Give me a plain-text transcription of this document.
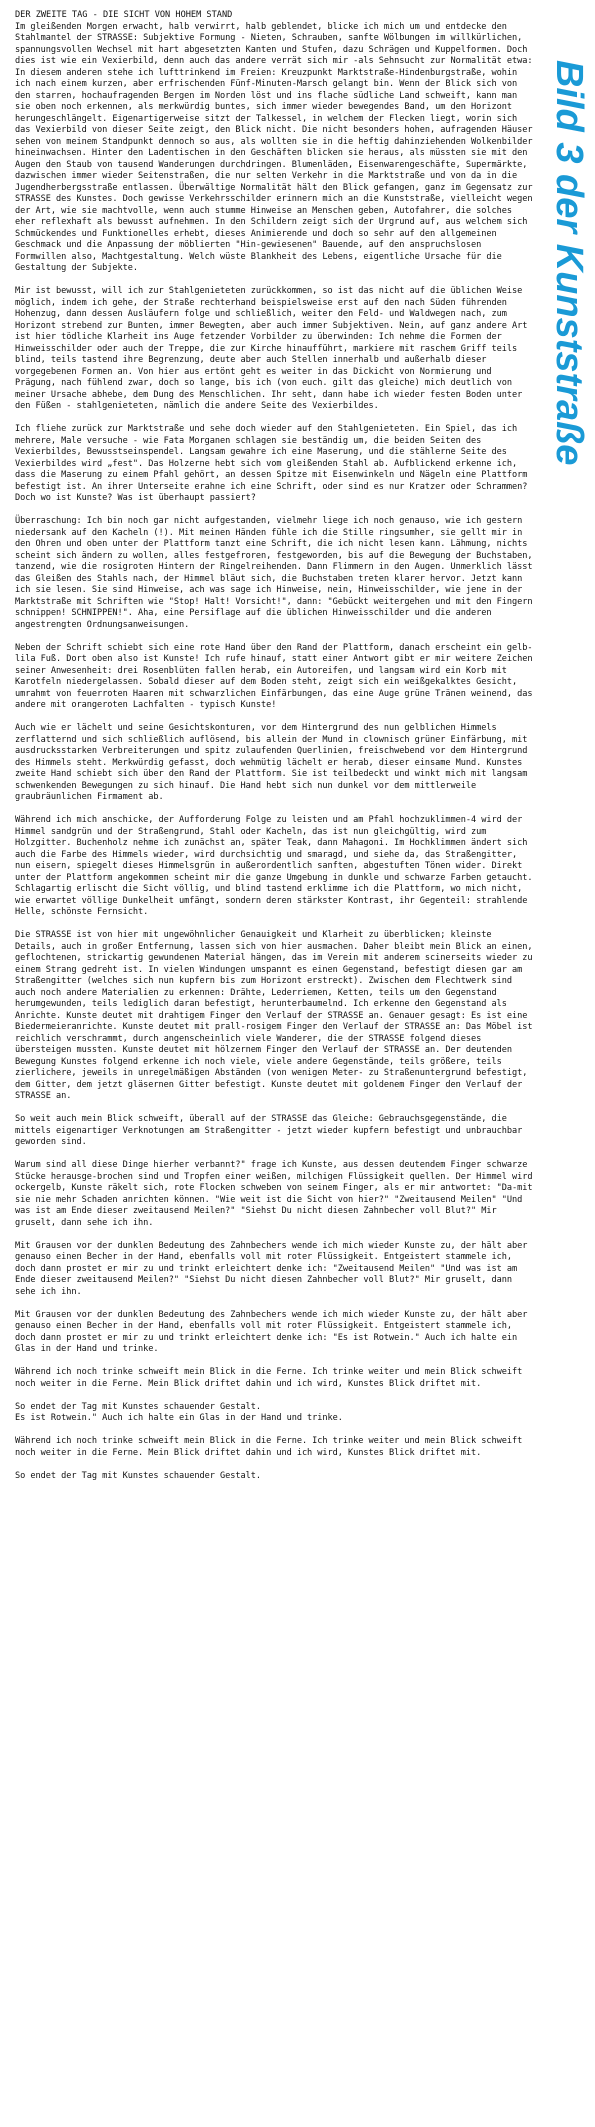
DER ZWEITE TAG - DIE SICHT VON HOHEM STAND

Im gleißenden Morgen erwacht, halb verwirrt, halb geblendet, blicke ich mich um und entdecke den Stahlmantel der STRASSE: Subjektive Formung - Nieten, Schrauben, sanfte Wölbungen im willkürlichen, spannungsvollen Wechsel mit hart abgesetzten Kanten und Stufen, dazu Schrägen und Kuppelformen. Doch dies ist wie ein Vexierbild, denn auch das andere verrät sich mir -als Sehnsucht zur Normalität etwa: In diesem anderen stehe ich lufttrinkend im Freien: Kreuzpunkt Marktstraße-Hindenburgstraße, wohin ich nach einem kurzen, aber erfrischenden Fünf-Minuten-Marsch gelangt bin. Wenn der Blick sich von den starren, hochaufragenden Bergen im Norden löst und ins flache südliche Land schweift, kann man sie oben noch erkennen, als merkwürdig buntes, sich immer wieder bewegendes Band, um den Horizont herungeschlängelt. Eigenartigerweise sitzt der Talkessel, in welchem der Flecken liegt, worin sich das Vexierbild von dieser Seite zeigt, den Blick nicht. Die nicht besonders hohen, aufragenden Häuser sehen von meinem Standpunkt dennoch so aus, als wollten sie in die heftig dahinziehenden Wolkenbilder hineinwachsen. Hinter den Ladentischen in den Geschäften blicken sie heraus, als müssten sie mit den Augen den Staub von tausend Wanderungen durchdringen. Blumenläden, Eisenwarengeschäfte, Supermärkte, dazwischen immer wieder Seitenstraßen, die nur selten Verkehr in die Marktstraße und von da in die Jugendherbergsstraße entlassen. Überwältige Normalität hält den Blick gefangen, ganz im Gegensatz zur STRASSE des Kunstes. Doch gewisse Verkehrsschilder erinnern mich an die Kunststraße, vielleicht wegen der Art, wie sie machtvolle, wenn auch stumme Hinweise an Menschen geben, Autofahrer, die solches eher reflexhaft als bewusst aufnehmen. In den Schildern zeigt sich der Urgrund auf, aus welchem sich Schmückendes und Funktionelles erhebt, dieses Animierende und doch so sehr auf den allgemeinen Geschmack und die Anpassung der möblierten "Hin-gewiesenen" Bauende, auf den anspruchslosen Formwillen also, Machtgestaltung. Welch wüste Blankheit des Lebens, eigentliche Ursache für die Gestaltung der Subjekte.

Mir ist bewusst, will ich zur Stahlgenieteten zurückkommen, so ist das nicht auf die üblichen Weise möglich, indem ich gehe, der Straße rechterhand beispielsweise erst auf den nach Süden führenden Hohenzug, dann dessen Ausläufern folge und schließlich, weiter den Feld- und Waldwegen nach, zum Horizont strebend zur Bunten, immer Bewegten, aber auch immer Subjektiven. Nein, auf ganz andere Art ist hier tödliche Klarheit ins Auge fetzender Vorbilder zu überwinden: Ich nehme die Formen der Hinweisschilder oder auch der Treppe, die zur Kirche hinaufführt, markiere mit raschem Griff teils blind, teils tastend ihre Begrenzung, deute aber auch Stellen innerhalb und außerhalb dieser vorgegebenen Formen an. Von hier aus ertönt geht es weiter in das Dickicht von Normierung und Prägung, nach fühlend zwar, doch so lange, bis ich (von euch. gilt das gleiche) mich deutlich von meiner Ursache abhebe, dem Dung des Menschlichen. Ihr seht, dann habe ich wieder festen Boden unter den Füßen - stahlgenieteten, nämlich die andere Seite des Vexierbildes.

Ich fliehe zurück zur Marktstraße und sehe doch wieder auf den Stahlgenieteten. Ein Spiel, das ich mehrere, Male versuche - wie Fata Morganen schlagen sie beständig um, die beiden Seiten des Vexierbildes, Bewusstseinspendel. Langsam gewahre ich eine Maserung, und die stählerne Seite des Vexierbildes wird „fest". Das Holzerne hebt sich vom gleißenden Stahl ab. Aufblickend erkenne ich, dass die Maserung zu einem Pfahl gehört, an dessen Spitze mit Eisenwinkeln und Nägeln eine Plattform befestigt ist. An ihrer Unterseite erahne ich eine Schrift, oder sind es nur Kratzer oder Schrammen? Doch wo ist Kunste? Was ist überhaupt passiert?

Überraschung: Ich bin noch gar nicht aufgestanden, vielmehr liege ich noch genauso, wie ich gestern niedersank auf den Kacheln (!). Mit meinen Händen fühle ich die Stille ringsumher, sie gellt mir in den Ohren und oben unter der Plattform tanzt eine Schrift, die ich nicht lesen kann. Lähmung, nichts scheint sich ändern zu wollen, alles festgefroren, festgeworden, bis auf die Bewegung der Buchstaben, tanzend, wie die rosigroten Hintern der Ringelreihenden. Dann Flimmern in den Augen. Unmerklich lässt das Gleißen des Stahls nach, der Himmel bläut sich, die Buchstaben treten klarer hervor. Jetzt kann ich sie lesen. Sie sind Hinweise, ach was sage ich Hinweise, nein, Hinweisschilder, wie jene in der Marktstraße mit Schriften wie "Stop! Halt! Vorsicht!", dann: "Gebückt weitergehen und mit den Fingern schnippen! SCHNIPPEN!". Aha, eine Persiflage auf die üblichen Hinweisschilder und die anderen angestrengten Ordnungsanweisungen.

Neben der Schrift schiebt sich eine rote Hand über den Rand der Plattform, danach erscheint ein gelb-lila Fuß. Dort oben also ist Kunste! Ich rufe hinauf, statt einer Antwort gibt er mir weitere Zeichen seiner Anwesenheit: drei Rosenblüten fallen herab, ein Autoreifen, und langsam wird ein Korb mit Karotfeln niedergelassen. Sobald dieser auf dem Boden steht, zeigt sich ein weißgekalktes Gesicht, umrahmt von feuerroten Haaren mit schwarzlichen Einfärbungen, das eine Auge grüne Tränen weinend, das andere mit orangeroten Lachfalten - typisch Kunste!

Auch wie er lächelt und seine Gesichtskonturen, vor dem Hintergrund des nun gelblichen Himmels zerflatternd und sich schließlich auflösend, bis allein der Mund in clownisch grüner Einfärbung, mit ausdrucksstarken Verbreiterungen und spitz zulaufenden Querlinien, freischwebend vor dem Hintergrund des Himmels steht. Merkwürdig gefasst, doch wehmütig lächelt er herab, dieser einsame Mund. Kunstes zweite Hand schiebt sich über den Rand der Plattform. Sie ist teilbedeckt und winkt mich mit langsam schwenkenden Bewegungen zu sich hinauf. Die Hand hebt sich nun dunkel vor dem mittlerweile graubräunlichen Firmament ab.

Während ich mich anschicke, der Aufforderung Folge zu leisten und am Pfahl hochzuklimmen-4 wird der Himmel sandgrün und der Straßengrund, Stahl oder Kacheln, das ist nun gleichgültig, wird zum Holzgitter. Buchenholz nehme ich zunächst an, später Teak, dann Mahagoni. Im Hochklimmen ändert sich auch die Farbe des Himmels wieder, wird durchsichtig und smaragd, und siehe da, das Straßengitter, nun eisern, spiegelt dieses Himmelsgrün in außerordentlich sanften, abgestuften Tönen wider. Direkt unter der Plattform angekommen scheint mir die ganze Umgebung in dunkle und schwarze Farben getaucht. Schlagartig erlischt die Sicht völlig, und blind tastend erklimme ich die Plattform, wo mich nicht, wie erwartet völlige Dunkelheit umfängt, sondern deren stärkster Kontrast, ihr Gegenteil: strahlende Helle, schönste Fernsicht.

Die STRASSE ist von hier mit ungewöhnlicher Genauigkeit und Klarheit zu überblicken; kleinste Details, auch in großer Entfernung, lassen sich von hier ausmachen. Daher bleibt mein Blick an einen, geflochtenen, strickartig gewundenen Material hängen, das im Verein mit anderem scinerseits wieder zu einem Strang gedreht ist. In vielen Windungen umspannt es einen Gegenstand, befestigt diesen gar am Straßengitter (welches sich nun kupfern bis zum Horizont erstreckt). Zwischen dem Flechtwerk sind auch noch andere Materialien zu erkennen: Drähte, Lederriemen, Ketten, teils um den Gegenstand herumgewunden, teils lediglich daran befestigt, herunterbaumelnd. Ich erkenne den Gegenstand als Anrichte. Kunste deutet mit drahtigem Finger den Verlauf der STRASSE an. Genauer gesagt: Es ist eine Biedermeieranrichte. Kunste deutet mit prall-rosigem Finger den Verlauf der STRASSE an: Das Möbel ist reichlich verschrammt, durch angenscheinlich viele Wanderer, die der STRASSE folgend dieses übersteigen mussten. Kunste deutet mit hölzernem Finger den Verlauf der STRASSE an. Der deutenden Bewegung Kunstes folgend erkenne ich noch viele, viele andere Gegenstände, teils größere, teils zierlichere, jeweils in unregelmäßigen Abständen (von wenigen Meter- zu Straßenuntergrund befestigt, dem Gitter, dem jetzt gläsernen Gitter befestigt. Kunste deutet mit goldenem Finger den Verlauf der STRASSE an.

So weit auch mein Blick schweift, überall auf der STRASSE das Gleiche: Gebrauchsgegenstände, die mittels eigenartiger Verknotungen am Straßengitter - jetzt wieder kupfern befestigt und unbrauchbar geworden sind.

Warum sind all diese Dinge hierher verbannt?" frage ich Kunste, aus dessen deutendem Finger schwarze Stücke herausge-brochen sind und Tropfen einer weißen, milchigen Flüssigkeit quellen. Der Himmel wird ockergelb, Kunste räkelt sich, rote Flocken schweben von seinem Finger, als er mir antwortet: "Da-mit sie nie mehr Schaden anrichten können. "Wie weit ist die Sicht von hier?" "Zweitausend Meilen" "Und was ist am Ende dieser zweitausend Meilen?" "Siehst Du nicht diesen Zahnbecher voll Blut?" Mir gruselt, dann sehe ich ihn.

Mit Grausen vor der dunklen Bedeutung des Zahnbechers wende ich mich wieder Kunste zu, der hält aber genauso einen Becher in der Hand, ebenfalls voll mit roter Flüssigkeit. Entgeistert stammele ich, doch dann prostet er mir zu und trinkt erleichtert denke ich: "Zweitausend Meilen" "Und was ist am Ende dieser zweitausend Meilen?" "Siehst Du nicht diesen Zahnbecher voll Blut?" Mir gruselt, dann sehe ich ihn.

Mit Grausen vor der dunklen Bedeutung des Zahnbechers wende ich mich wieder Kunste zu, der hält aber genauso einen Becher in der Hand, ebenfalls voll mit roter Flüssigkeit. Entgeistert stammele ich, doch dann prostet er mir zu und trinkt erleichtert denke ich: "Es ist Rotwein." Auch ich halte ein Glas in der Hand und trinke.

Während ich noch trinke schweift mein Blick in die Ferne. Ich trinke weiter und mein Blick schweift noch weiter in die Ferne. Mein Blick driftet dahin und ich wird, Kunstes Blick driftet mit.

So endet der Tag mit Kunstes schauender Gestalt.
Es ist Rotwein." Auch ich halte ein Glas in der Hand und trinke.

Während ich noch trinke schweift mein Blick in die Ferne. Ich trinke weiter und mein Blick schweift noch weiter in die Ferne. Mein Blick driftet dahin und ich wird, Kunstes Blick driftet mit.

So endet der Tag mit Kunstes schauender Gestalt.

Bild 3 der Kunststraße
